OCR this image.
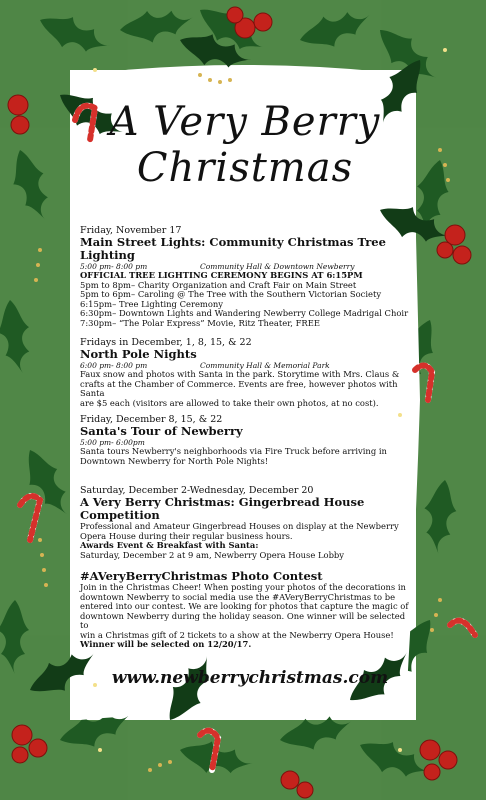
A Very Berry
Christmas
Friday, November 17
Main Street Lights: Community Christmas Tree Lighting
5:00 pm- 8:00 pm	Community Hall & Downtown Newberry
OFFICIAL TREE LIGHTING CEREMONY BEGINS AT 6:15PM
5pm to 8pm– Charity Organization and Craft Fair on Main Street
5pm to 6pm– Caroling @ The Tree with the Southern Victorian Society
6:15pm– Tree Lighting Ceremony
6:30pm– Downtown Lights and Wandering Newberry College Madrigal Choir
7:30pm– “The Polar Express” Movie, Ritz Theater, FREE
Fridays in December, 1, 8, 15, & 22
North Pole Nights
6:00 pm- 8:00 pm	Community Hall & Memorial Park
Faux snow and photos with Santa in the park. Storytime with Mrs. Claus &
crafts at the Chamber of Commerce. Events are free, however photos with Santa
are $5 each (visitors are allowed to take their own photos, at no cost).
Friday, December 8, 15, & 22
Santa's Tour of Newberry
5:00 pm- 6:00pm
Santa tours Newberry's neighborhoods via Fire Truck before arriving in
Downtown Newberry for North Pole Nights!
Saturday, December 2-Wednesday, December 20
A Very Berry Christmas: Gingerbread House Competition
Professional and Amateur Gingerbread Houses on display at the Newberry
Opera House during their regular business hours.
Awards Event & Breakfast with Santa:
Saturday, December 2 at 9 am, Newberry Opera House Lobby
#AVeryBerryChristmas Photo Contest
Join in the Christmas Cheer! When posting your photos of the decorations in
downtown Newberry to social media use the #AVeryBerryChristmas to be
entered into our contest. We are looking for photos that capture the magic of
downtown Newberry during the holiday season. One winner will be selected to
win a Christmas gift of 2 tickets to a show at the Newberry Opera House!
Winner will be selected on 12/20/17.
www.newberrychristmas.com
